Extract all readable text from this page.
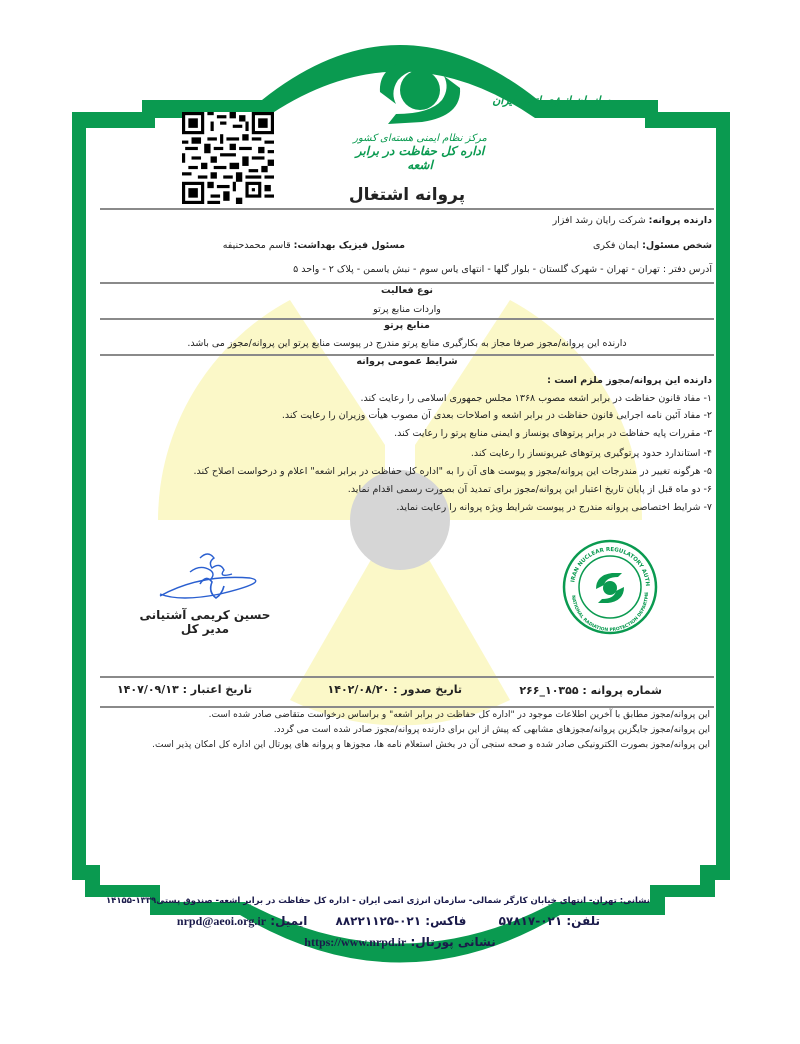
مرکز نظام ایمنی هسته‌ای کشور
اداره کل حفاظت در برابر اشعه
سازمان انرژی اتمی ایران
پروانه اشتغال
دارنده پروانه: شرکت رایان رشد افزار
شخص مسئول: ایمان فکری
مسئول فیزیک بهداشت: قاسم محمدحنیفه
آدرس دفتر : تهران - تهران - شهرک گلستان - بلوار گلها - انتهای یاس سوم - نبش یاسمن - پلاک ۲ - واحد ۵
نوع فعالیت
واردات منابع پرتو
منابع پرتو
دارنده این پروانه/مجوز صرفا مجاز به بکارگیری منابع پرتو مندرج در پیوست منابع پرتو این پروانه/مجوز می باشد.
شرایط عمومی پروانه
دارنده این پروانه/مجوز ملزم است :
۱- مفاد قانون حفاظت در برابر اشعه مصوب ۱۳۶۸ مجلس جمهوری اسلامی را رعایت کند.
۲- مفاد آئین نامه اجرایی قانون حفاظت در برابر اشعه و اصلاحات بعدی آن مصوب هیأت وزیران را رعایت کند.
۳- مقررات پایه حفاظت در برابر پرتوهای یونساز و ایمنی منابع پرتو را رعایت کند.
۴- استاندارد حدود پرتوگیری پرتوهای غیریونساز را رعایت کند.
۵- هرگونه تغییر در مندرجات این پروانه/مجوز و پیوست های آن را به "اداره کل حفاظت در برابر اشعه" اعلام و درخواست اصلاح کند.
۶- دو ماه قبل از پایان تاریخ اعتبار این پروانه/مجوز برای تمدید آن بصورت رسمی اقدام نماید.
۷- شرایط اختصاصی پروانه مندرج در پیوست شرایط ویژه پروانه را رعایت نماید.
حسین کریمی آشتیانی
مدیر کل
IRAN NUCLEAR REGULATORY AUTH
NATIONAL RADIATION PROTECTION DEPARTME
شماره پروانه : ۱۰۳۵۵_۲۶۶
تاریخ صدور : ۱۴۰۲/۰۸/۲۰
تاریخ اعتبار : ۱۴۰۷/۰۹/۱۳
این پروانه/مجوز مطابق با آخرین اطلاعات موجود در "اداره کل حفاظت در برابر اشعه" و براساس درخواست متقاضی صادر شده است.
این پروانه/مجوز جایگزین پروانه/مجوزهای مشابهی که پیش از این برای دارنده پروانه/مجوز صادر شده است می گردد.
این پروانه/مجوز بصورت الکترونیکی صادر شده و صحه سنجی آن در بخش استعلام نامه ها، مجوزها و پروانه های پورتال این اداره کل امکان پذیر است.
نشانی: تهران- انتهای خیابان کارگر شمالی- سازمان انرژی اتمی ایران - اداره کل حفاظت در برابر اشعه- صندوق پستی۱۳۳۹-۱۴۱۵۵
تلفن: ۰۲۱-۵۷۸۱۷ فاکس: ۰۲۱-۸۸۲۲۱۱۲۵ ایمیل: nrpd@aeoi.org.ir
نشانی پورتال: https://www.nrpd.ir
